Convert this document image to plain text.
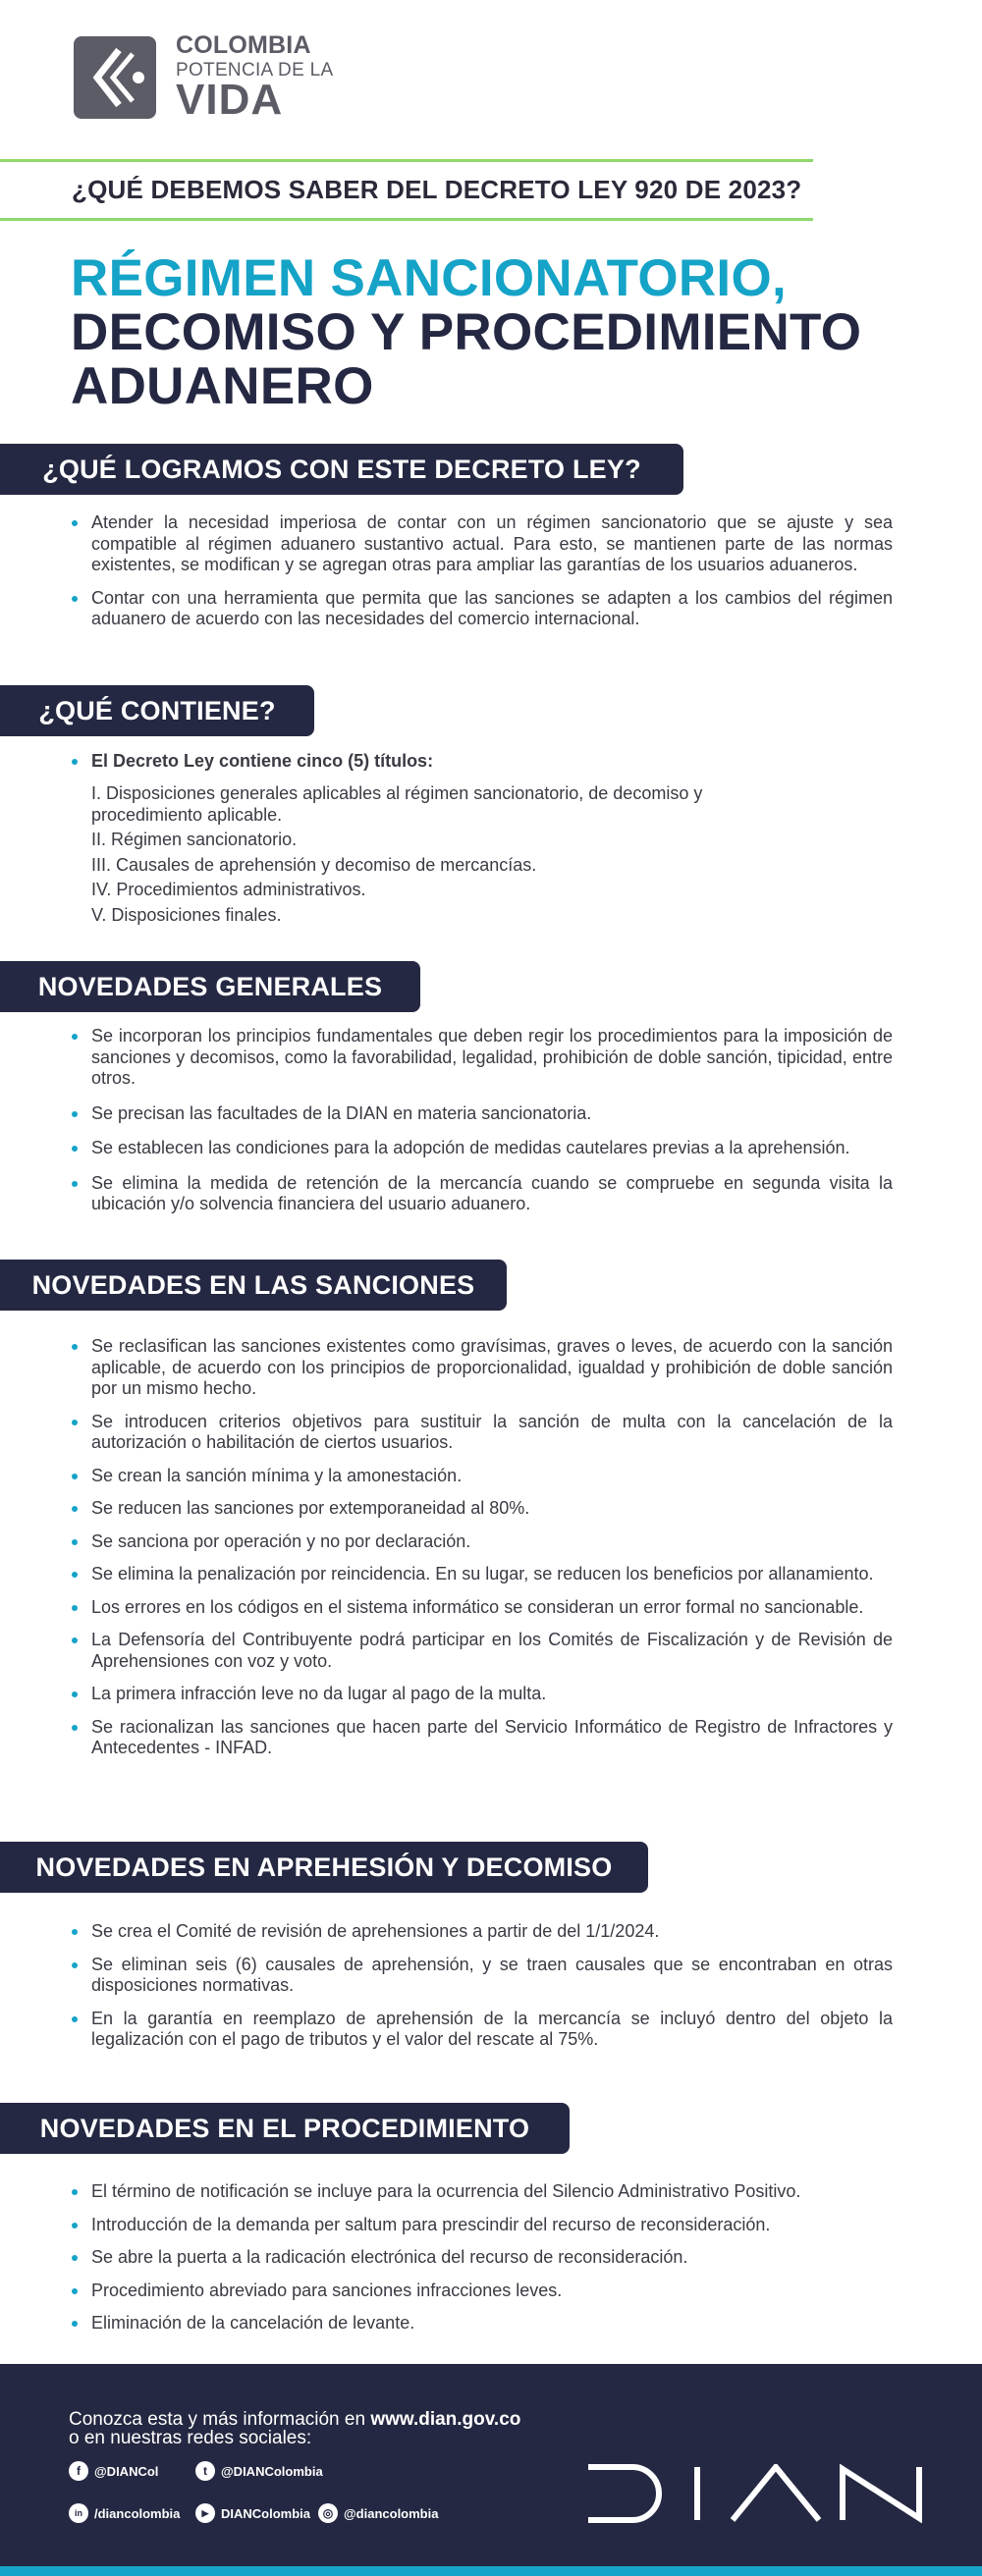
COLOMBIA
POTENCIA DE LA
VIDA
¿QUÉ DEBEMOS SABER DEL DECRETO LEY 920 DE 2023?
RÉGIMEN SANCIONATORIO,
DECOMISO Y PROCEDIMIENTO
ADUANERO
¿QUÉ LOGRAMOS CON ESTE DECRETO LEY?
Atender la necesidad imperiosa de contar con un régimen sancionatorio que se ajuste y sea compatible al régimen aduanero sustantivo actual. Para esto, se mantienen parte de las normas existentes, se modifican y se agregan otras para ampliar las garantías de los usuarios aduaneros.
Contar con una herramienta que permita que las sanciones se adapten a los cambios del régimen aduanero de acuerdo con las necesidades del comercio internacional.
¿QUÉ CONTIENE?
El Decreto Ley contiene cinco (5) títulos:
I. Disposiciones generales aplicables al régimen sancionatorio, de decomiso y procedimiento aplicable.
II. Régimen sancionatorio.
III. Causales de aprehensión y decomiso de mercancías.
IV. Procedimientos administrativos.
V. Disposiciones finales.
NOVEDADES GENERALES
Se incorporan los principios fundamentales que deben regir los procedimientos para la imposición de sanciones y decomisos, como la favorabilidad, legalidad, prohibición de doble sanción, tipicidad, entre otros.
Se precisan las facultades de la DIAN en materia sancionatoria.
Se establecen las condiciones para la adopción de medidas cautelares previas a la aprehensión.
Se elimina la medida de retención de la mercancía cuando se compruebe en segunda visita la ubicación y/o solvencia financiera del usuario aduanero.
NOVEDADES EN LAS SANCIONES
Se reclasifican las sanciones existentes como gravísimas, graves o leves, de acuerdo con la sanción aplicable, de acuerdo con los principios de proporcionalidad, igualdad y prohibición de doble sanción por un mismo hecho.
Se introducen criterios objetivos para sustituir la sanción de multa con la cancelación de la autorización o habilitación de ciertos usuarios.
Se crean la sanción mínima y la amonestación.
Se reducen las sanciones por extemporaneidad al 80%.
Se sanciona por operación y no por declaración.
Se elimina la penalización por reincidencia. En su lugar, se reducen los beneficios por allanamiento.
Los errores en los códigos en el sistema informático se consideran un error formal no sancionable.
La Defensoría del Contribuyente podrá participar en los Comités de Fiscalización y de Revisión de Aprehensiones con voz y voto.
La primera infracción leve no da lugar al pago de la multa.
Se racionalizan las sanciones que hacen parte del Servicio Informático de Registro de Infractores y Antecedentes - INFAD.
NOVEDADES EN APREHESIÓN Y DECOMISO
Se crea el Comité de revisión de aprehensiones a partir de del 1/1/2024.
Se eliminan seis (6) causales de aprehensión, y se traen causales que se encontraban en otras disposiciones normativas.
En la garantía en reemplazo de aprehensión de la mercancía se incluyó dentro del objeto la legalización con el pago de tributos y el valor del rescate al 75%.
NOVEDADES EN EL PROCEDIMIENTO
El término de notificación se incluye para la ocurrencia del Silencio Administrativo Positivo.
Introducción de la demanda per saltum para prescindir del recurso de reconsideración.
Se abre la puerta a la radicación electrónica del recurso de reconsideración.
Procedimiento abreviado para sanciones infracciones leves.
Eliminación de la cancelación de levante.
Conozca esta y más información en www.dian.gov.co
o en nuestras redes sociales:
f	@DIANCol	t	@DIANColombia
in /diancolombia	▶ DIANColombia	◎ @diancolombia
